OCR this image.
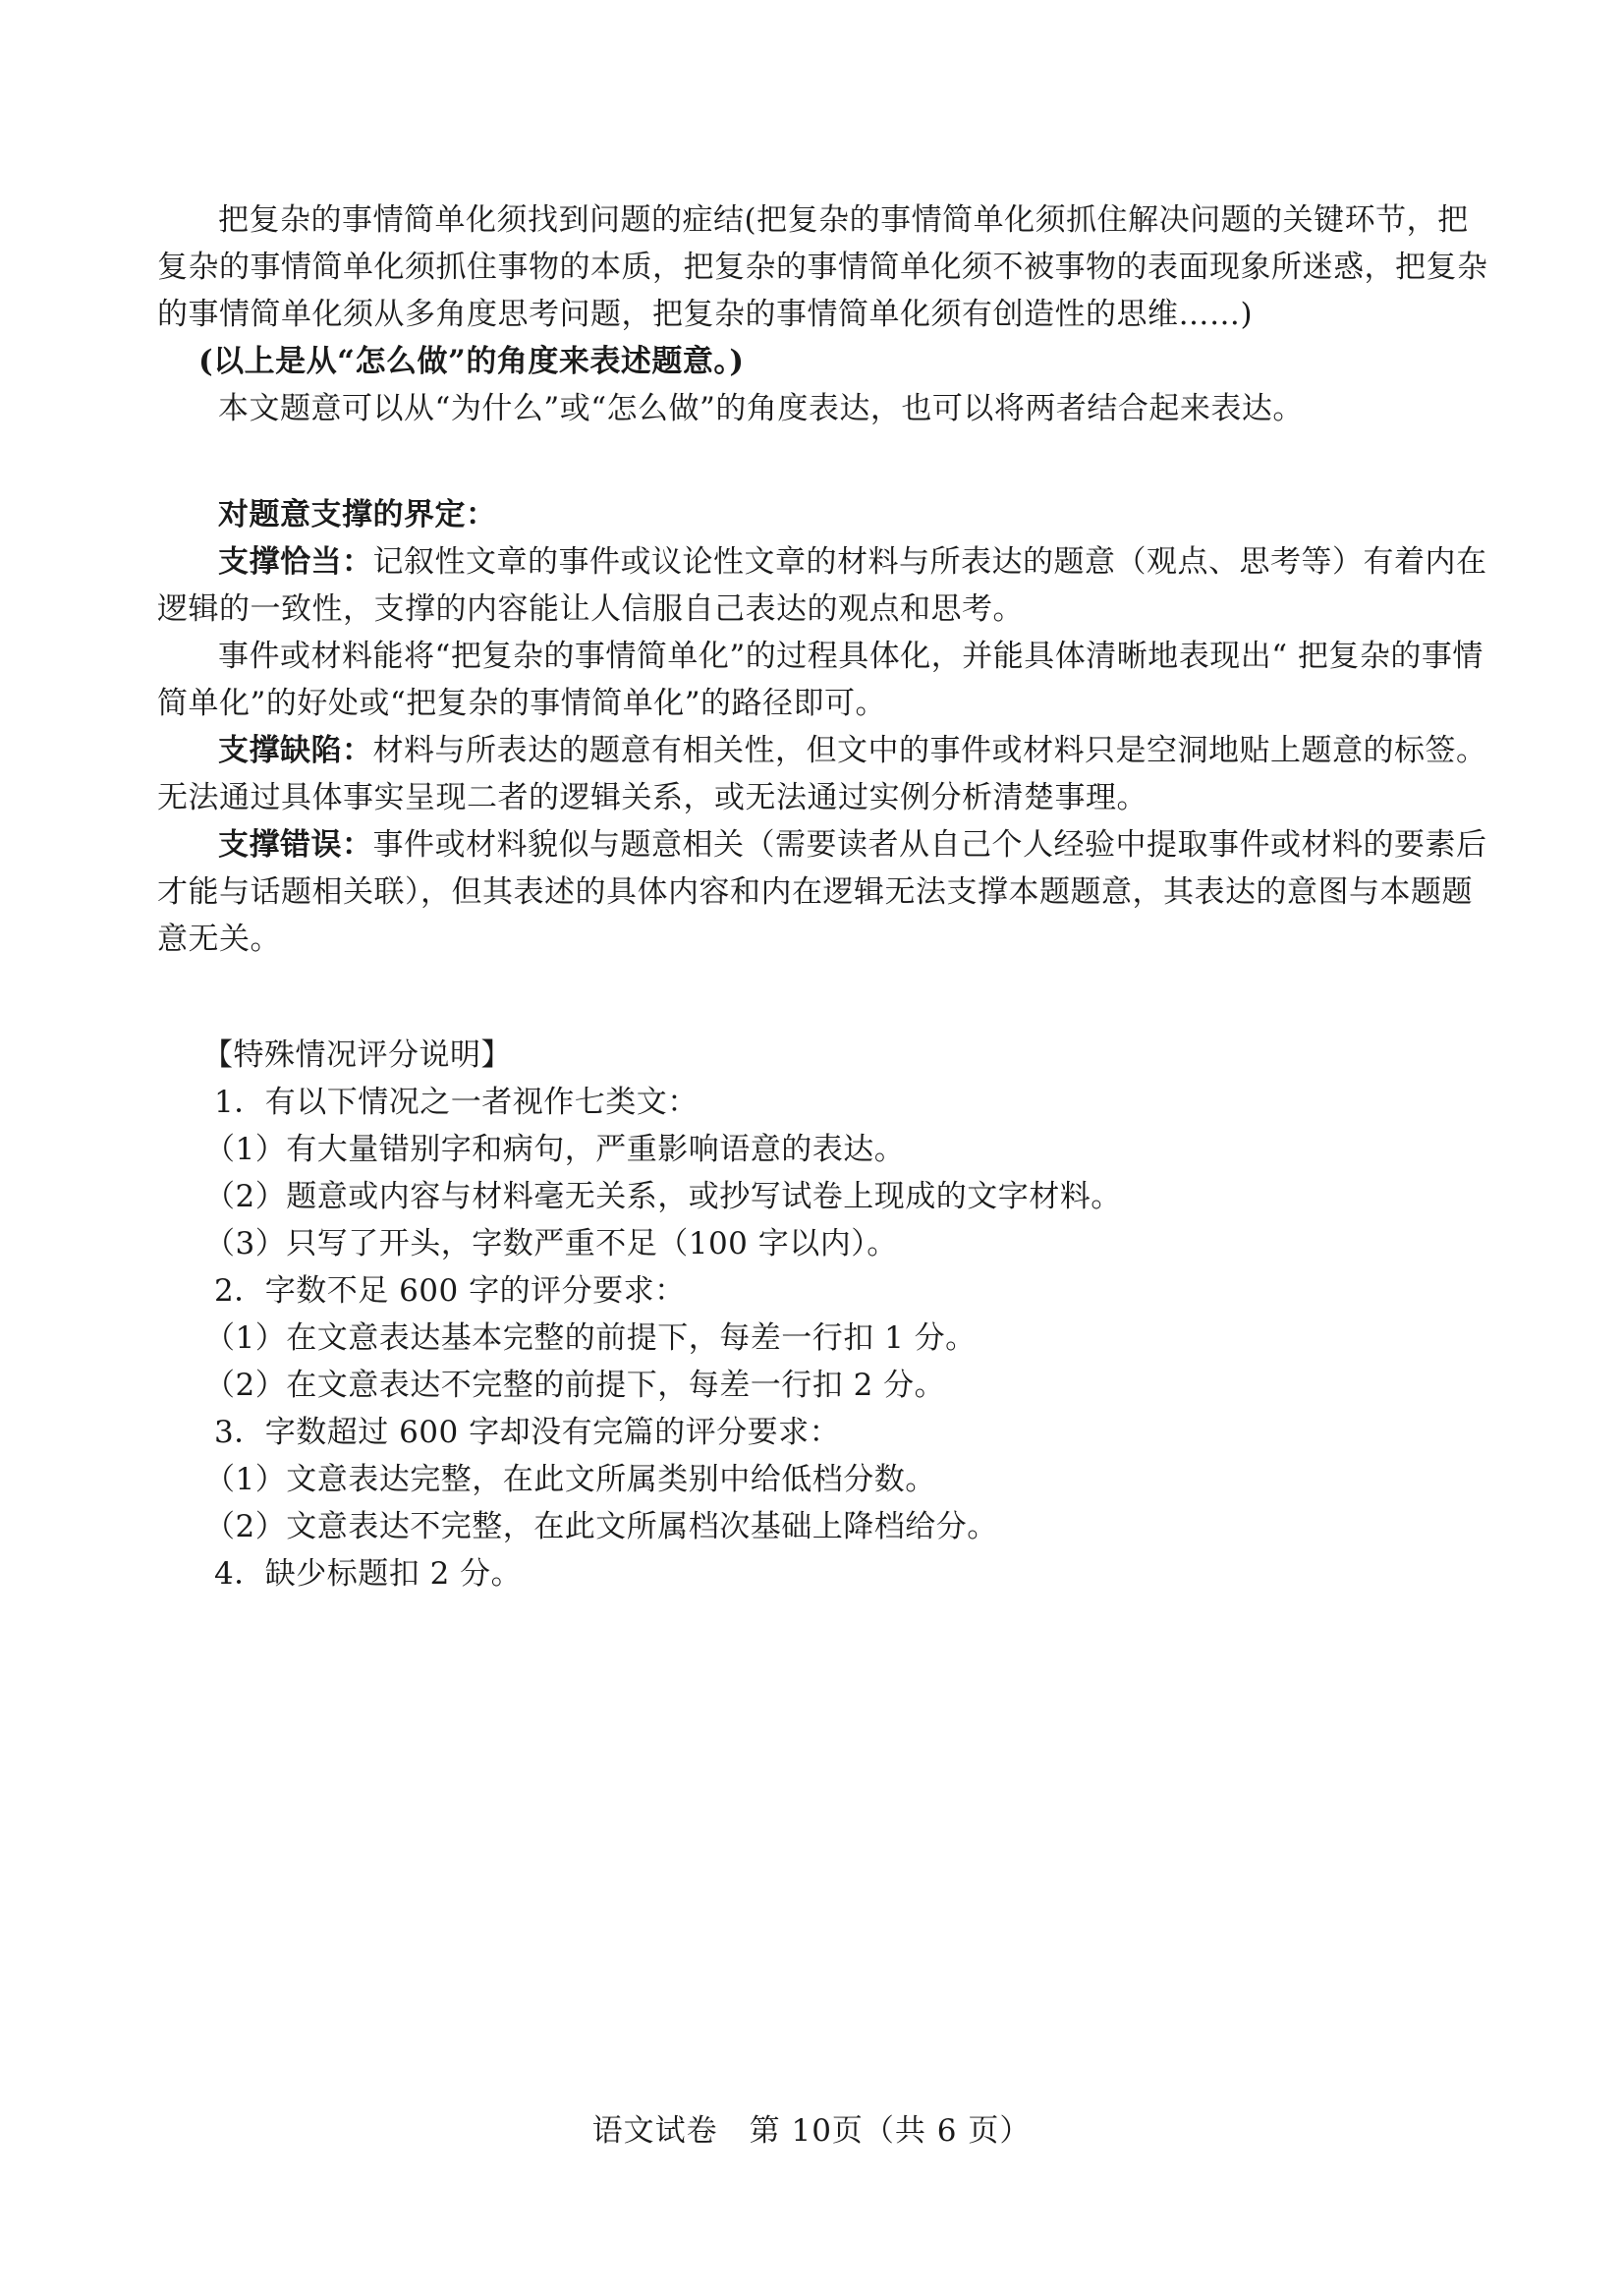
把复杂的事情简单化须找到问题的症结(把复杂的事情简单化须抓住解决问题的关键环节，把复杂的事情简单化须抓住事物的本质，把复杂的事情简单化须不被事物的表面现象所迷惑，把复杂的事情简单化须从多角度思考问题，把复杂的事情简单化须有创造性的思维……)

(以上是从“怎么做”的角度来表述题意。)

本文题意可以从“为什么”或“怎么做”的角度表达，也可以将两者结合起来表达。

对题意支撑的界定：

支撑恰当：记叙性文章的事件或议论性文章的材料与所表达的题意（观点、思考等）有着内在逻辑的一致性，支撑的内容能让人信服自己表达的观点和思考。

事件或材料能将“把复杂的事情简单化”的过程具体化，并能具体清晰地表现出“ 把复杂的事情简单化”的好处或“把复杂的事情简单化”的路径即可。

支撑缺陷：材料与所表达的题意有相关性，但文中的事件或材料只是空洞地贴上题意的标签。无法通过具体事实呈现二者的逻辑关系，或无法通过实例分析清楚事理。

支撑错误：事件或材料貌似与题意相关（需要读者从自己个人经验中提取事件或材料的要素后才能与话题相关联），但其表述的具体内容和内在逻辑无法支撑本题题意，其表达的意图与本题题意无关。

【特殊情况评分说明】

1．有以下情况之一者视作七类文：

（1）有大量错别字和病句，严重影响语意的表达。

（2）题意或内容与材料毫无关系，或抄写试卷上现成的文字材料。

（3）只写了开头，字数严重不足（100 字以内）。

2．字数不足 600 字的评分要求：

（1）在文意表达基本完整的前提下，每差一行扣 1 分。

（2）在文意表达不完整的前提下，每差一行扣 2 分。

3．字数超过 600 字却没有完篇的评分要求：

（1）文意表达完整，在此文所属类别中给低档分数。

（2）文意表达不完整，在此文所属档次基础上降档给分。

4．缺少标题扣 2 分。

语文试卷　第 10页（共 6 页）
